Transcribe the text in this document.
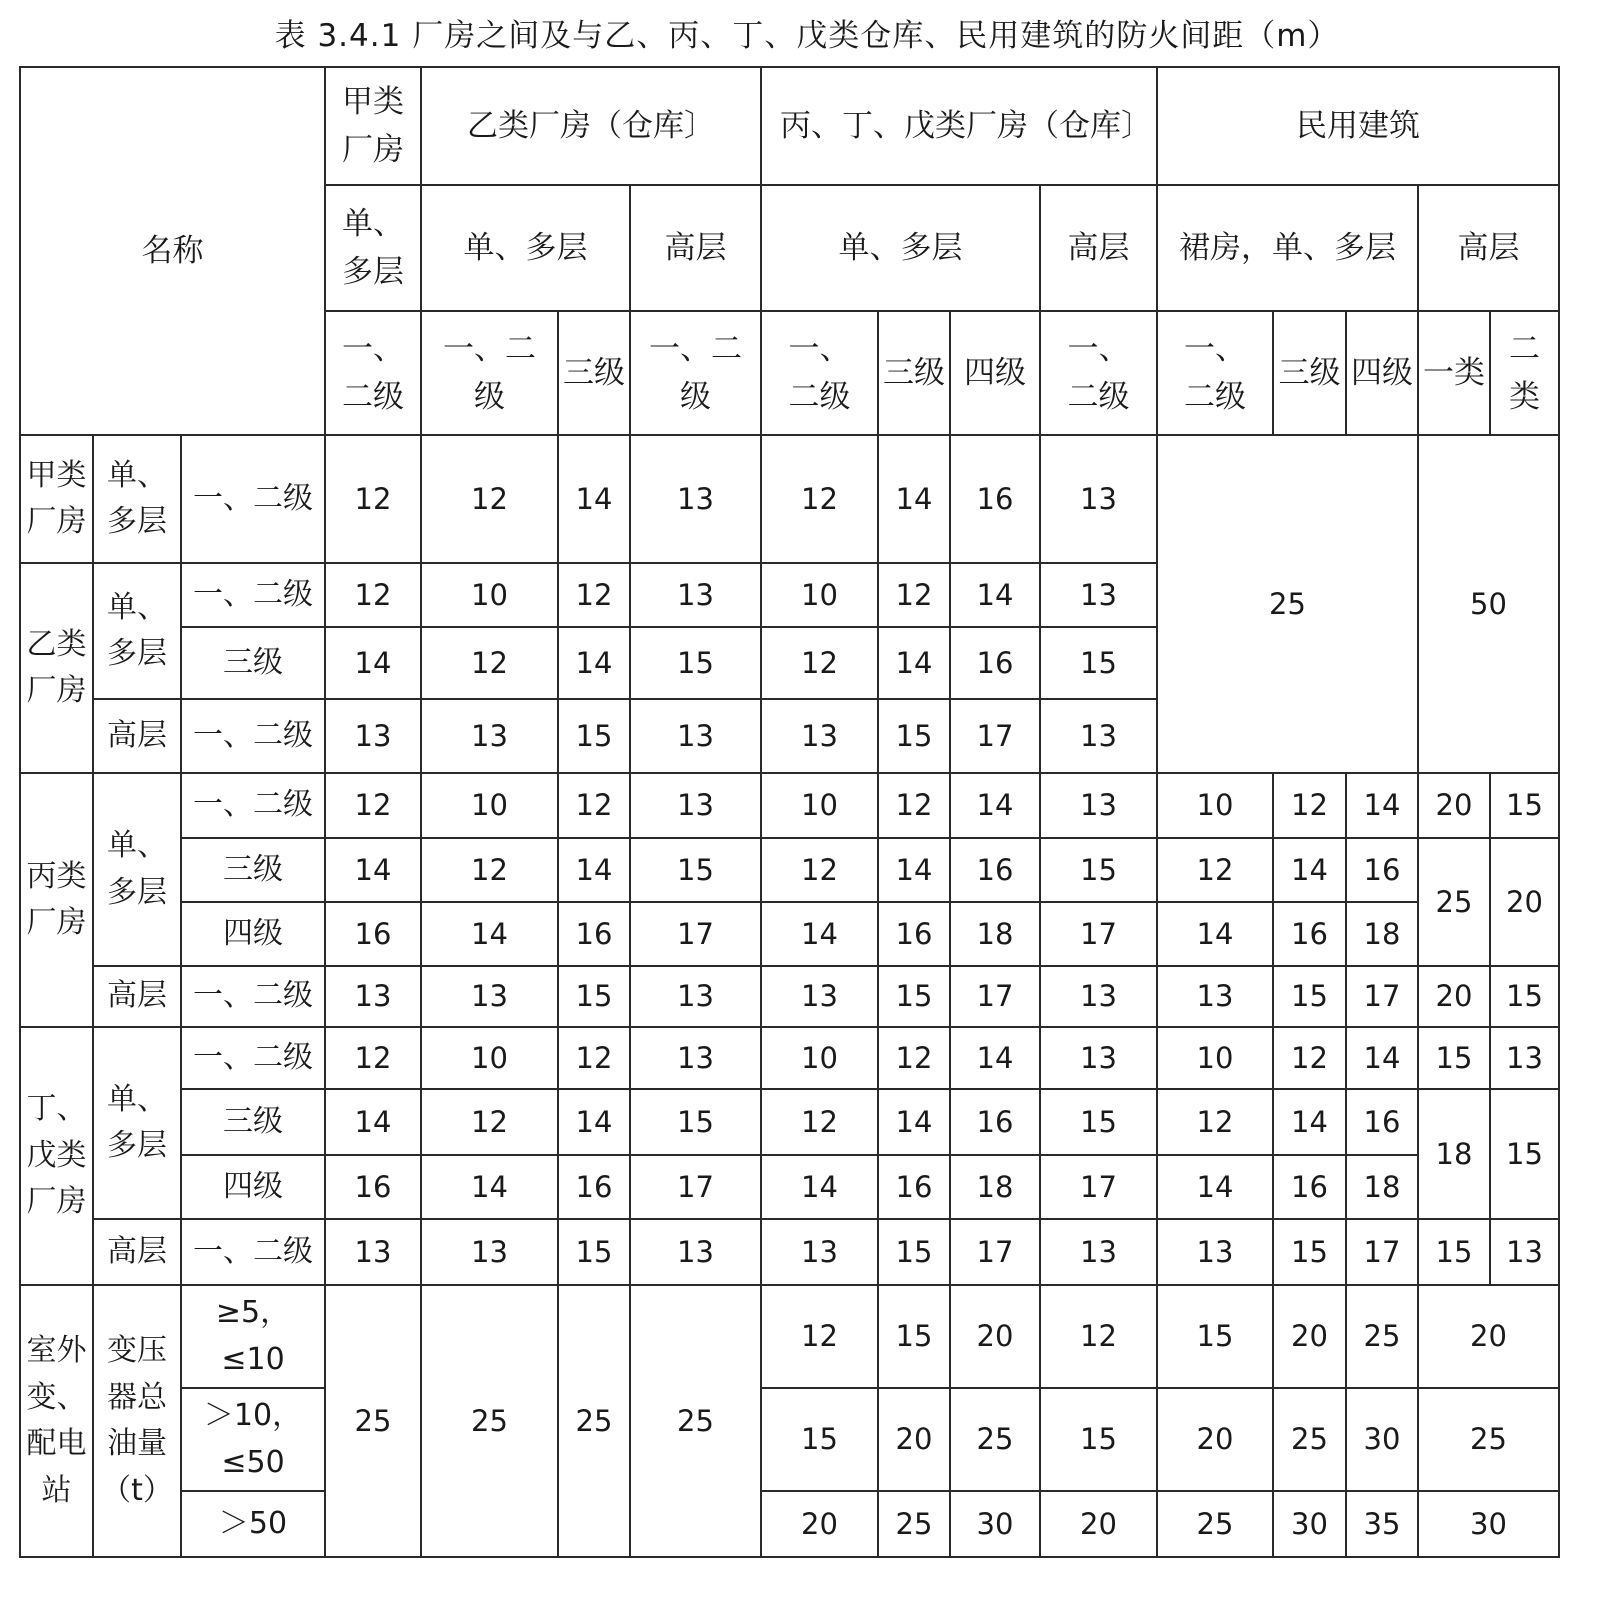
表 3.4.1 厂房之间及与乙、丙、丁、戊类仓库、民用建筑的防火间距（m）
名称			甲类厂房	乙类厂房（仓库〕			丙、丁、戊类厂房（仓库〕				民用建筑				
			单、多层	单、多层		高层	单、多层			高层	裙房，单、多层			高层	
			一、二级	一、二级	三级	一、二级	一、二级	三级	四级	一、二级	一、二级	三级	四级	一类	二类
甲类厂房	单、多层	一、二级	12	12	14	13	12	14	16	13	25			50	
乙类厂房	单、多层	一、二级	12	10	12	13	10	12	14	13					
		三级	14	12	14	15	12	14	16	15					
	高层	一、二级	13	13	15	13	13	15	17	13					
丙类厂房	单、多层	一、二级	12	10	12	13	10	12	14	13	10	12	14	20	15
		三级	14	12	14	15	12	14	16	15	12	14	16	25	20
		四级	16	14	16	17	14	16	18	17	14	16	18		
	高层	一、二级	13	13	15	13	13	15	17	13	13	15	17	20	15
丁、戊类厂房	单、多层	一、二级	12	10	12	13	10	12	14	13	10	12	14	15	13
		三级	14	12	14	15	12	14	16	15	12	14	16	18	15
		四级	16	14	16	17	14	16	18	17	14	16	18		
	高层	一、二级	13	13	15	13	13	15	17	13	13	15	17	15	13
室外变、配电站	变压器总油量（t）	≥5，≤10	25	25	25	25	12	15	20	12	15	20	25	20	
		＞10，≤50					15	20	25	15	20	25	30	25	
		＞50					20	25	30	20	25	30	35	30	
